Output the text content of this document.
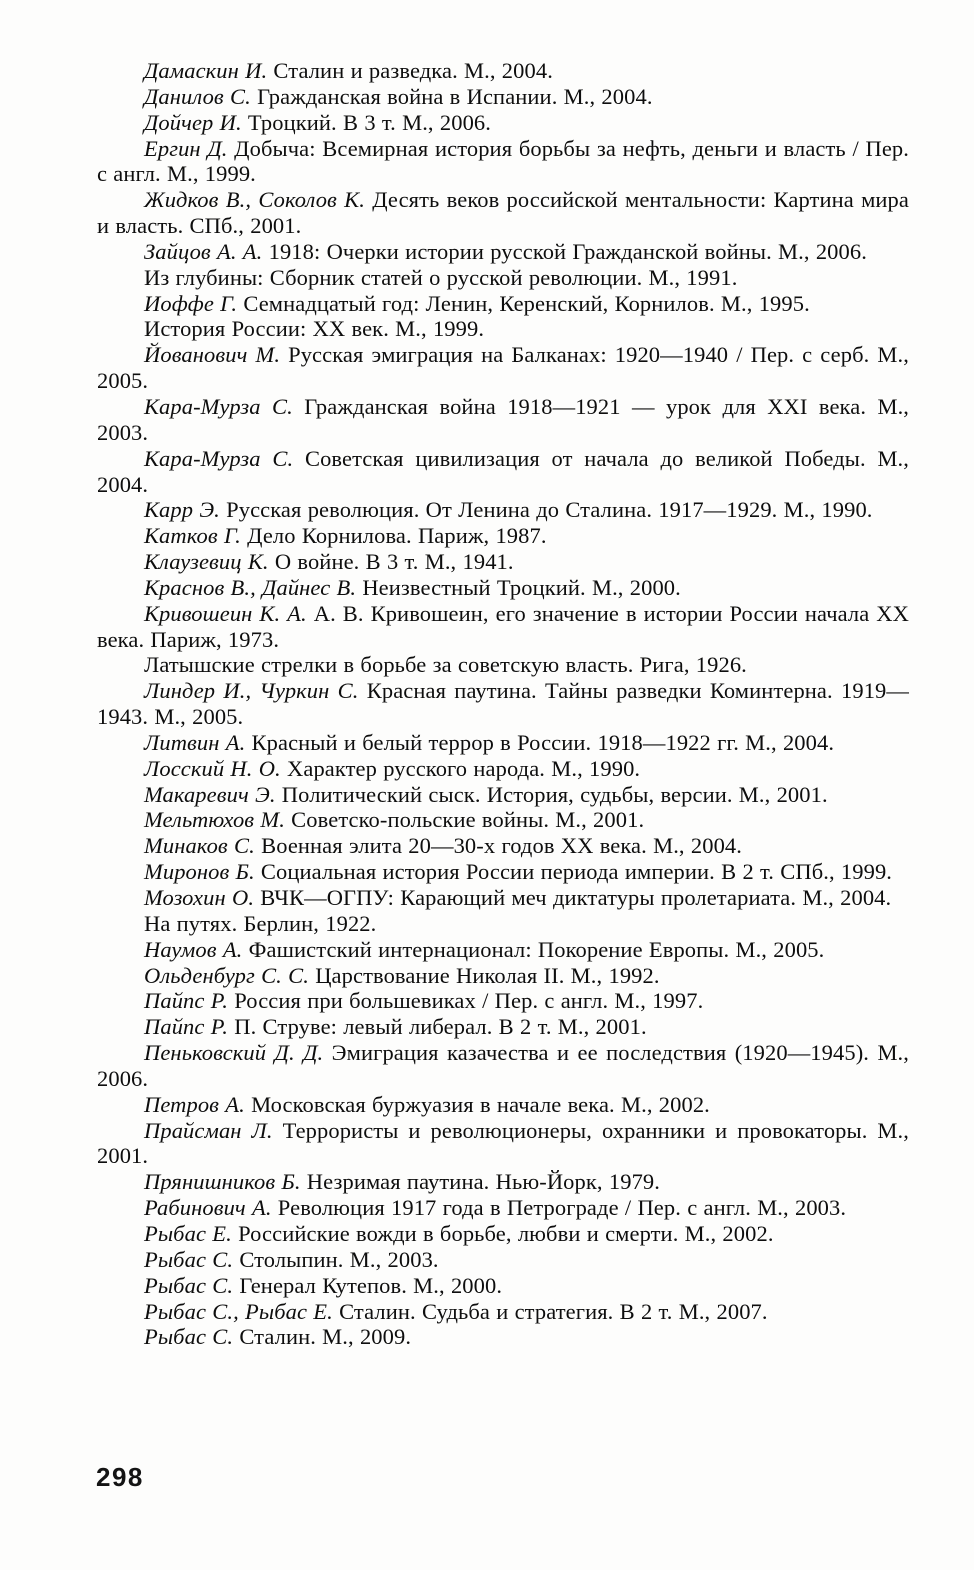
Дамаскин И. Сталин и разведка. М., 2004.

Данилов С. Гражданская война в Испании. М., 2004.

Дойчер И. Троцкий. В 3 т. М., 2006.

Ергин Д. Добыча: Всемирная история борьбы за нефть, деньги и власть / Пер. с англ. М., 1999.

Жидков В., Соколов К. Десять веков российской ментальности: Картина мира и власть. СПб., 2001.

Зайцов А. А. 1918: Очерки истории русской Гражданской войны. М., 2006.

Из глубины: Сборник статей о русской революции. М., 1991.

Иоффе Г. Семнадцатый год: Ленин, Керенский, Корнилов. М., 1995.

История России: XX век. М., 1999.

Йованович М. Русская эмиграция на Балканах: 1920—1940 / Пер. с серб. М., 2005.

Кара-Мурза С. Гражданская война 1918—1921 — урок для XXI века. М., 2003.

Кара-Мурза С. Советская цивилизация от начала до великой Победы. М., 2004.

Карр Э. Русская революция. От Ленина до Сталина. 1917—1929. М., 1990.

Катков Г. Дело Корнилова. Париж, 1987.

Клаузевиц К. О войне. В 3 т. М., 1941.

Краснов В., Дайнес В. Неизвестный Троцкий. М., 2000.

Кривошеин К. А. А. В. Кривошеин, его значение в истории России начала XX века. Париж, 1973.

Латышские стрелки в борьбе за советскую власть. Рига, 1926.

Линдер И., Чуркин С. Красная паутина. Тайны разведки Коминтерна. 1919—1943. М., 2005.

Литвин А. Красный и белый террор в России. 1918—1922 гг. М., 2004.

Лосский Н. О. Характер русского народа. М., 1990.

Макаревич Э. Политический сыск. История, судьбы, версии. М., 2001.

Мельтюхов М. Советско-польские войны. М., 2001.

Минаков С. Военная элита 20—30-х годов XX века. М., 2004.

Миронов Б. Социальная история России периода империи. В 2 т. СПб., 1999.

Мозохин О. ВЧК—ОГПУ: Карающий меч диктатуры пролетариата. М., 2004.

На путях. Берлин, 1922.

Наумов А. Фашистский интернационал: Покорение Европы. М., 2005.

Ольденбург С. С. Царствование Николая II. М., 1992.

Пайпс Р. Россия при большевиках / Пер. с англ. М., 1997.

Пайпс Р. П. Струве: левый либерал. В 2 т. М., 2001.

Пеньковский Д. Д. Эмиграция казачества и ее последствия (1920—1945). М., 2006.

Петров А. Московская буржуазия в начале века. М., 2002.

Прайсман Л. Террористы и революционеры, охранники и провокаторы. М., 2001.

Прянишников Б. Незримая паутина. Нью-Йорк, 1979.

Рабинович А. Революция 1917 года в Петрограде / Пер. с англ. М., 2003.

Рыбас Е. Российские вожди в борьбе, любви и смерти. М., 2002.

Рыбас С. Столыпин. М., 2003.

Рыбас С. Генерал Кутепов. М., 2000.

Рыбас С., Рыбас Е. Сталин. Судьба и стратегия. В 2 т. М., 2007.

Рыбас С. Сталин. М., 2009.

298
